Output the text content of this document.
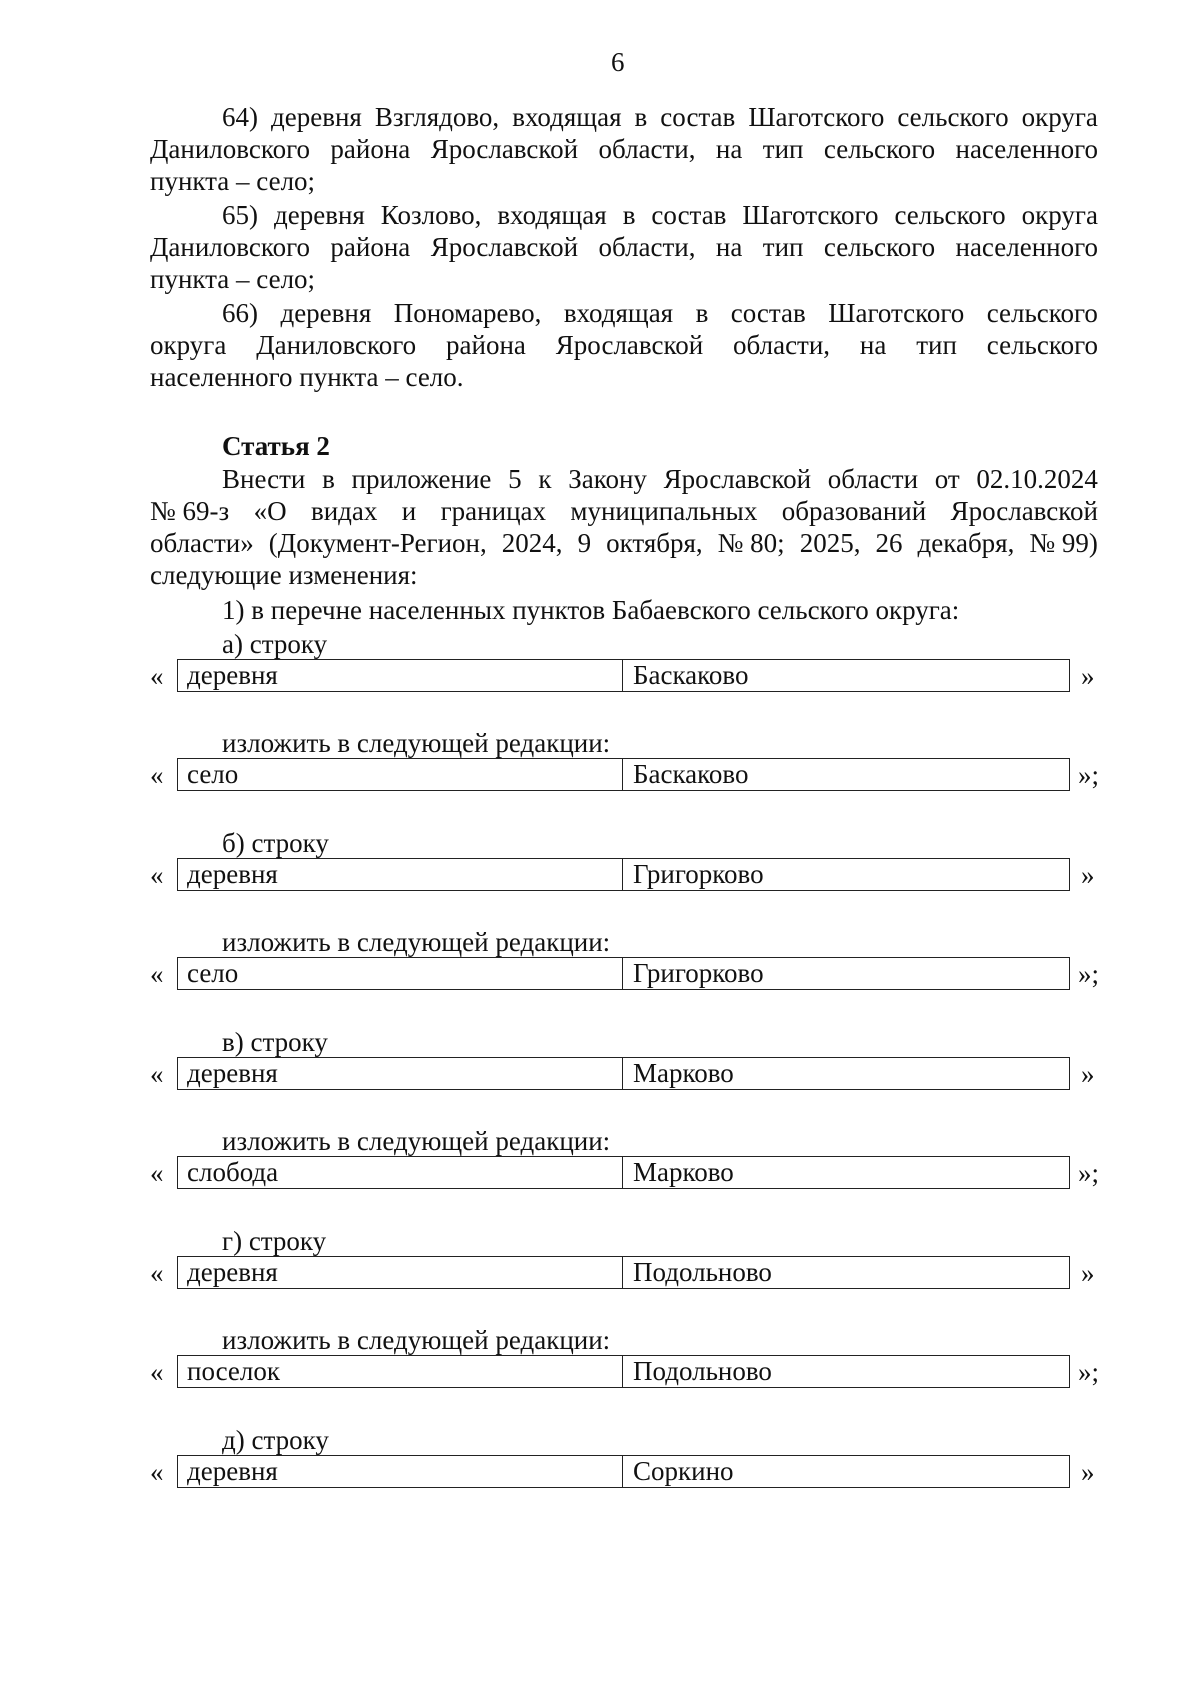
6
64) деревня Взглядово, входящая в состав Шаготского сельского округа
Даниловского района Ярославской области, на тип сельского населенного
пункта – село;
65) деревня Козлово, входящая в состав Шаготского сельского округа
Даниловского района Ярославской области, на тип сельского населенного
пункта – село;
66) деревня Пономарево, входящая в состав Шаготского сельского
округа Даниловского района Ярославской области, на тип сельского
населенного пункта – село.
Статья 2
Внести в приложение 5 к Закону Ярославской области от 02.10.2024
№ 69-з «О видах и границах муниципальных образований Ярославской
области» (Документ-Регион, 2024, 9 октября, № 80; 2025, 26 декабря, № 99)
следующие изменения:
1) в перечне населенных пунктов Бабаевского сельского округа:
а) строку
« деревня	Баскаково	»
изложить в следующей редакции:
« село	Баскаково	»;
б) строку
« деревня	Григорково	»
изложить в следующей редакции:
« село	Григорково	»;
в) строку
« деревня	Марково	»
изложить в следующей редакции:
« слобода	Марково	»;
г) строку
« деревня	Подольново	»
изложить в следующей редакции:
« поселок	Подольново	»;
д) строку
« деревня	Соркино	»
